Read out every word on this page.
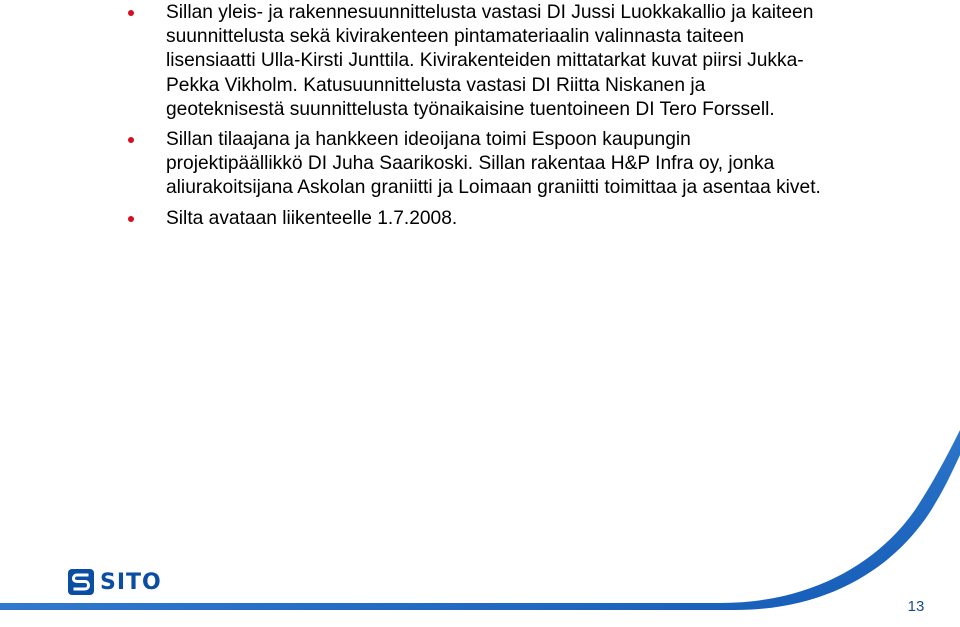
Sillan yleis- ja rakennesuunnittelusta vastasi DI Jussi Luokkakallio ja kaiteen suunnittelusta sekä kivirakenteen pintamateriaalin valinnasta taiteen lisensiaatti Ulla-Kirsti Junttila. Kivirakenteiden mittatarkat kuvat piirsi Jukka-Pekka Vikholm. Katusuunnittelusta vastasi DI Riitta Niskanen ja geoteknisestä suunnittelusta työnaikaisine tuentoineen DI Tero Forssell.
Sillan tilaajana ja hankkeen ideoijana toimi Espoon kaupungin projektipäällikkö DI Juha Saarikoski. Sillan rakentaa H&P Infra oy, jonka aliurakoitsijana Askolan graniitti ja Loimaan graniitti toimittaa ja asentaa kivet.
Silta avataan liikenteelle 1.7.2008.
SITO
13
